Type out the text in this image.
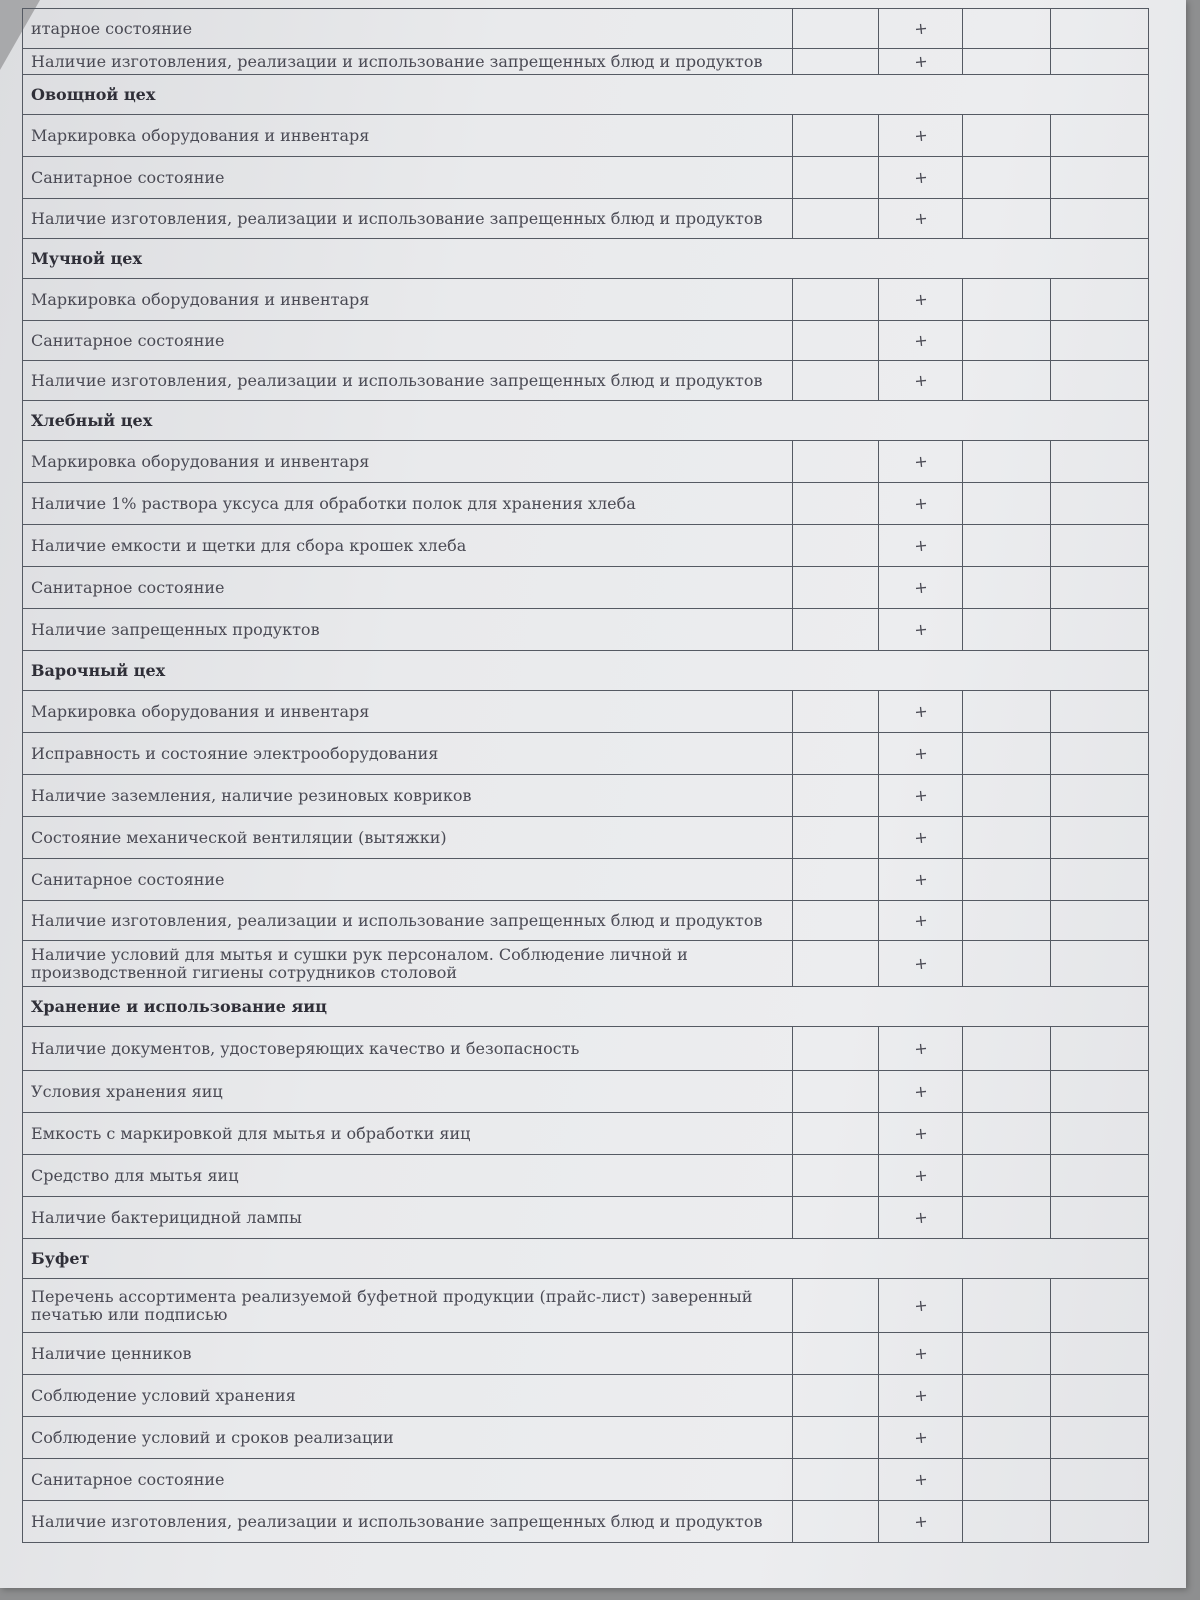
итарное состояние		+		
Наличие изготовления, реализации и использование запрещенных блюд и продуктов		+		
Овощной цех				
Маркировка оборудования и инвентаря		+		
Санитарное состояние		+		
Наличие изготовления, реализации и использование запрещенных блюд и продуктов		+		
Мучной цех				
Маркировка оборудования и инвентаря		+		
Санитарное состояние		+		
Наличие изготовления, реализации и использование запрещенных блюд и продуктов		+		
Хлебный цех				
Маркировка оборудования и инвентаря		+		
Наличие 1% раствора уксуса для обработки полок для хранения хлеба		+		
Наличие емкости и щетки для сбора крошек хлеба		+		
Санитарное состояние		+		
Наличие запрещенных продуктов		+		
Варочный цех				
Маркировка оборудования и инвентаря		+		
Исправность и состояние электрооборудования		+		
Наличие заземления, наличие резиновых ковриков		+		
Состояние механической вентиляции (вытяжки)		+		
Санитарное состояние		+		
Наличие изготовления, реализации и использование запрещенных блюд и продуктов		+		
Наличие условий для мытья и сушки рук персоналом. Соблюдение личной и производственной гигиены сотрудников столовой		+		
Хранение и использование яиц				
Наличие документов, удостоверяющих качество и безопасность		+		
Условия хранения яиц		+		
Емкость с маркировкой для мытья и обработки яиц		+		
Средство для мытья яиц		+		
Наличие бактерицидной лампы		+		
Буфет				
Перечень ассортимента реализуемой буфетной продукции (прайс-лист) заверенный печатью или подписью		+		
Наличие ценников		+		
Соблюдение условий хранения		+		
Соблюдение условий и сроков реализации		+		
Санитарное состояние		+		
Наличие изготовления, реализации и использование запрещенных блюд и продуктов		+		
